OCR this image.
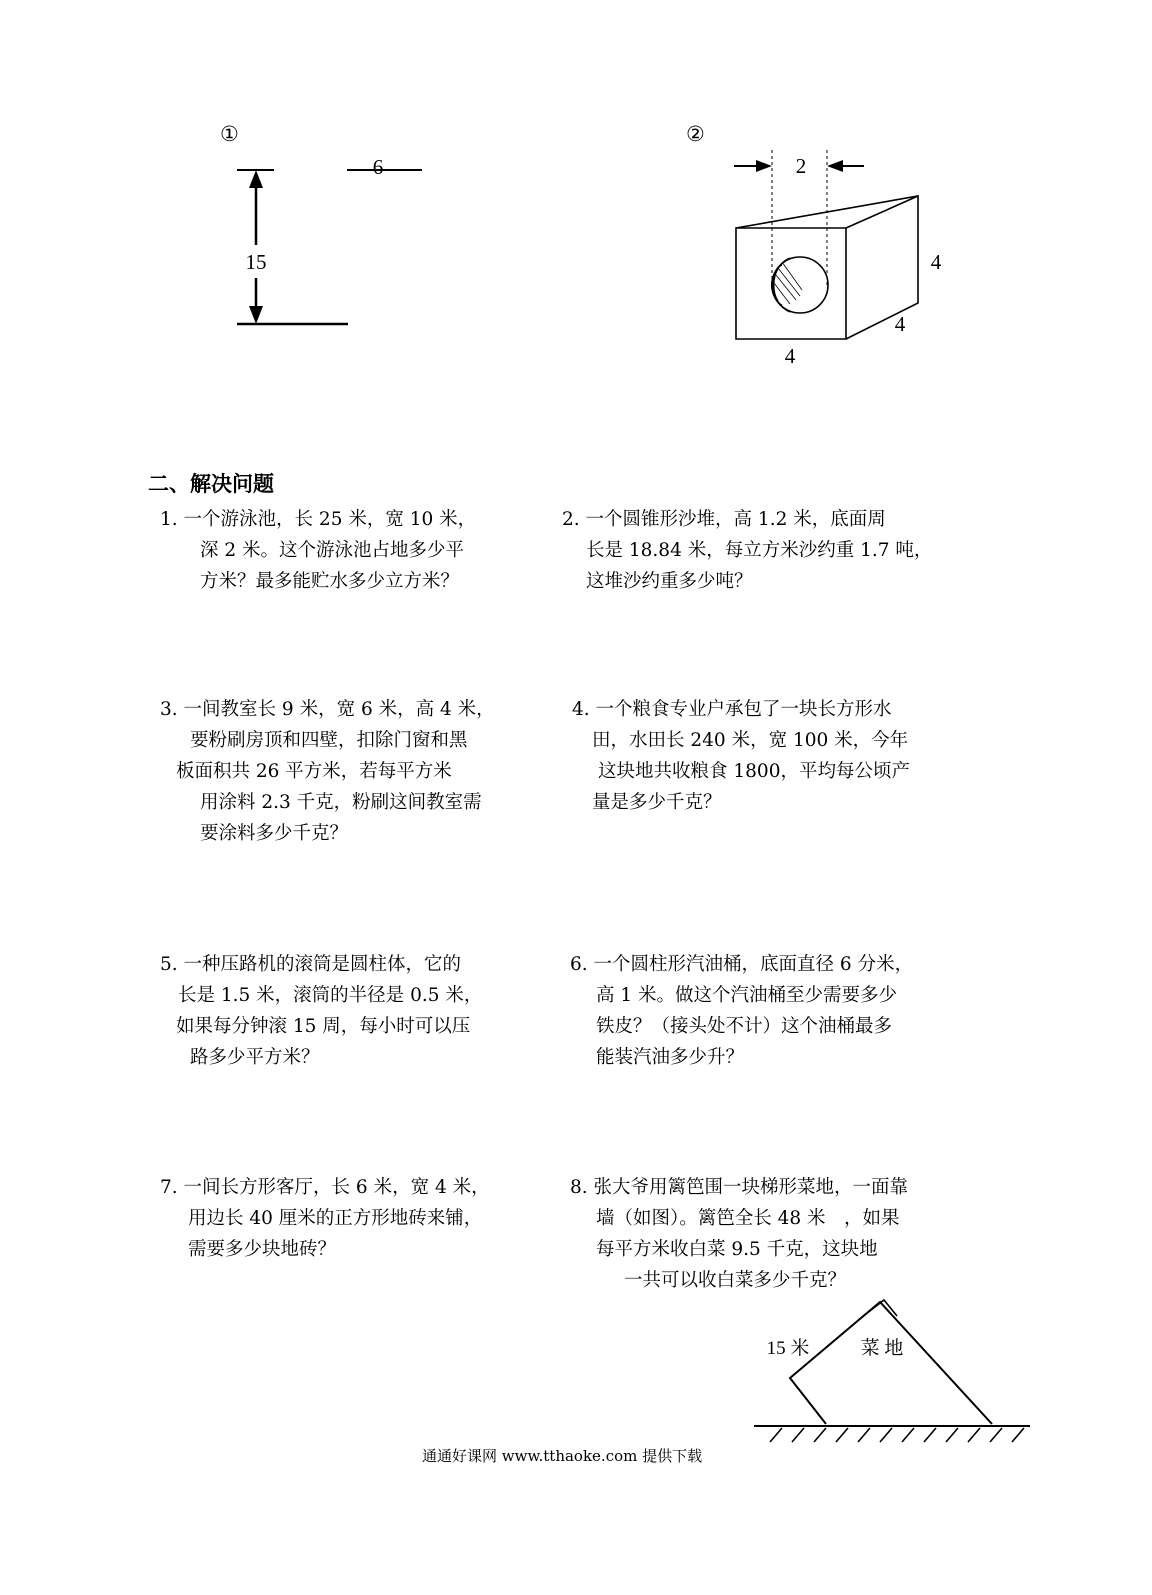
①
6
15
②
2
4
4
4
二、解决问题
1. 一个游泳池，长 25 米，宽 10 米，
深 2 米。这个游泳池占地多少平
方米？最多能贮水多少立方米？
2. 一个圆锥形沙堆，高 1.2 米，底面周
长是 18.84 米，每立方米沙约重 1.7 吨，
这堆沙约重多少吨？
3. 一间教室长 9 米，宽 6 米，高 4 米，
要粉刷房顶和四壁，扣除门窗和黑
板面积共 26 平方米，若每平方米
用涂料 2.3 千克，粉刷这间教室需
要涂料多少千克？
4. 一个粮食专业户承包了一块长方形水
田，水田长 240 米，宽 100 米，今年
这块地共收粮食 1800，平均每公顷产
量是多少千克？
5. 一种压路机的滚筒是圆柱体，它的
长是 1.5 米，滚筒的半径是 0.5 米，
如果每分钟滚 15 周，每小时可以压
路多少平方米？
6. 一个圆柱形汽油桶，底面直径 6 分米，
高 1 米。做这个汽油桶至少需要多少
铁皮？（接头处不计）这个油桶最多
能装汽油多少升？
7. 一间长方形客厅，长 6 米，宽 4 米，
用边长 40 厘米的正方形地砖来铺，
需要多少块地砖？
8. 张大爷用篱笆围一块梯形菜地，一面靠
墙（如图）。篱笆全长 48 米　，如果
每平方米收白菜 9.5 千克，这块地
一共可以收白菜多少千克？
15 米	菜 地
通通好课网 www.tthaoke.com 提供下载
